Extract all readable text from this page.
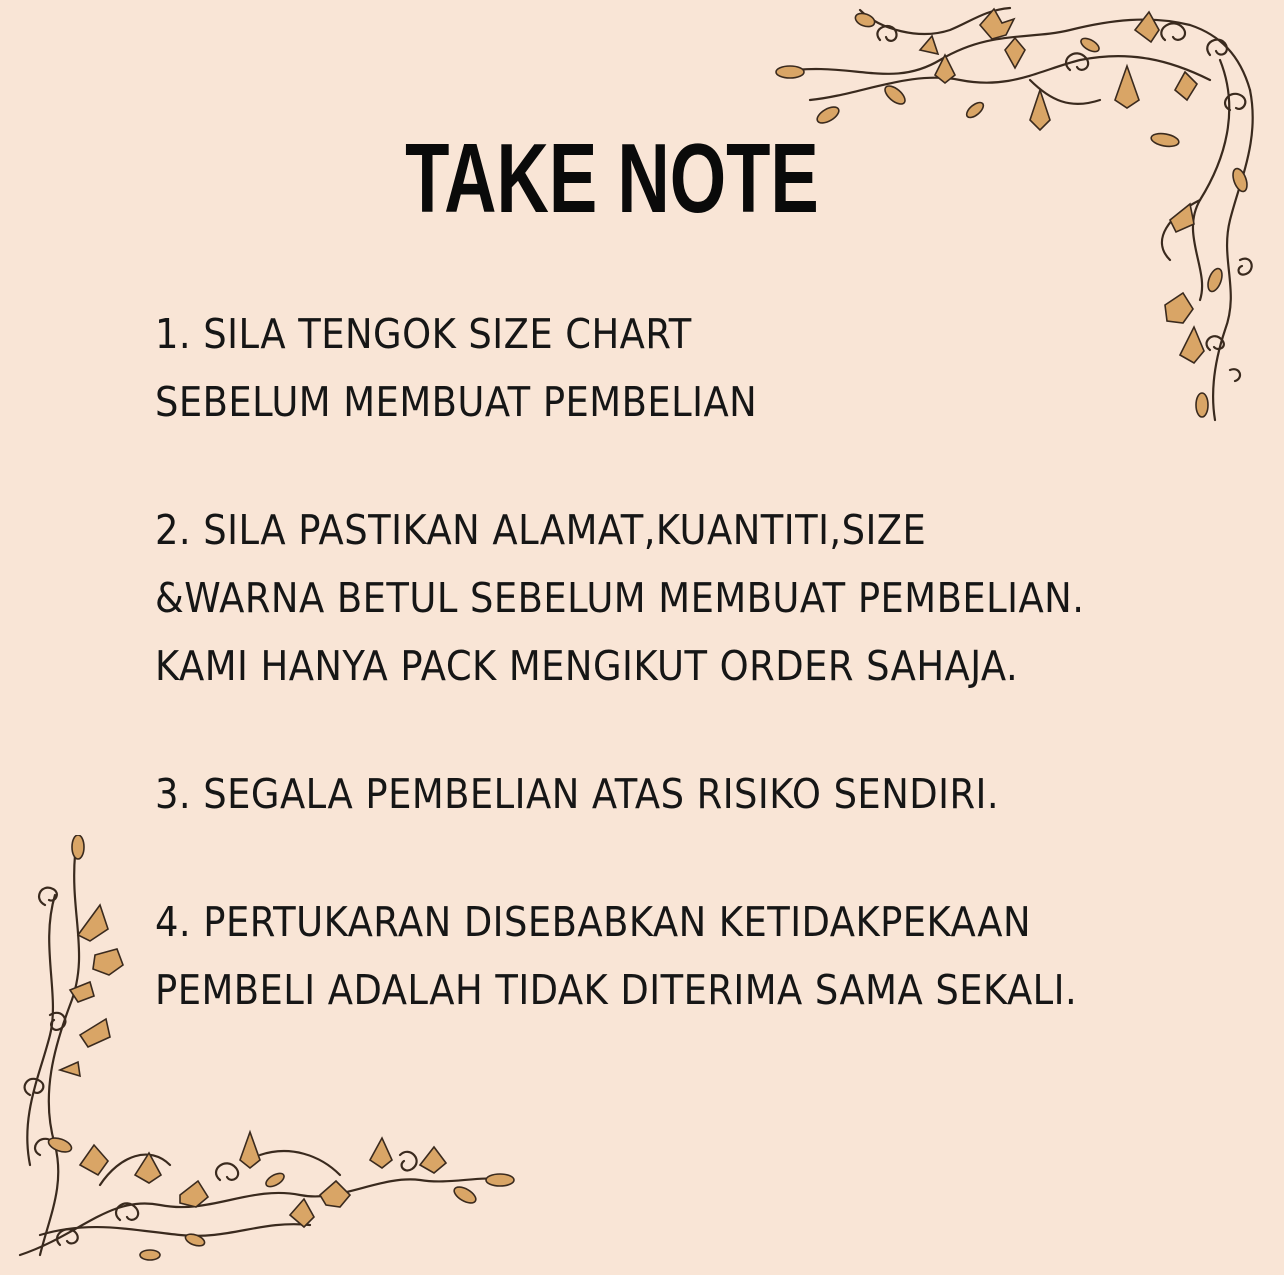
TAKE NOTE

1. SILA TENGOK SIZE CHART
SEBELUM MEMBUAT PEMBELIAN

2. SILA PASTIKAN ALAMAT,KUANTITI,SIZE
&WARNA BETUL SEBELUM MEMBUAT PEMBELIAN.
KAMI HANYA PACK MENGIKUT ORDER SAHAJA.

3. SEGALA PEMBELIAN ATAS RISIKO SENDIRI.

4. PERTUKARAN DISEBABKAN KETIDAKPEKAAN
PEMBELI ADALAH TIDAK DITERIMA SAMA SEKALI.
